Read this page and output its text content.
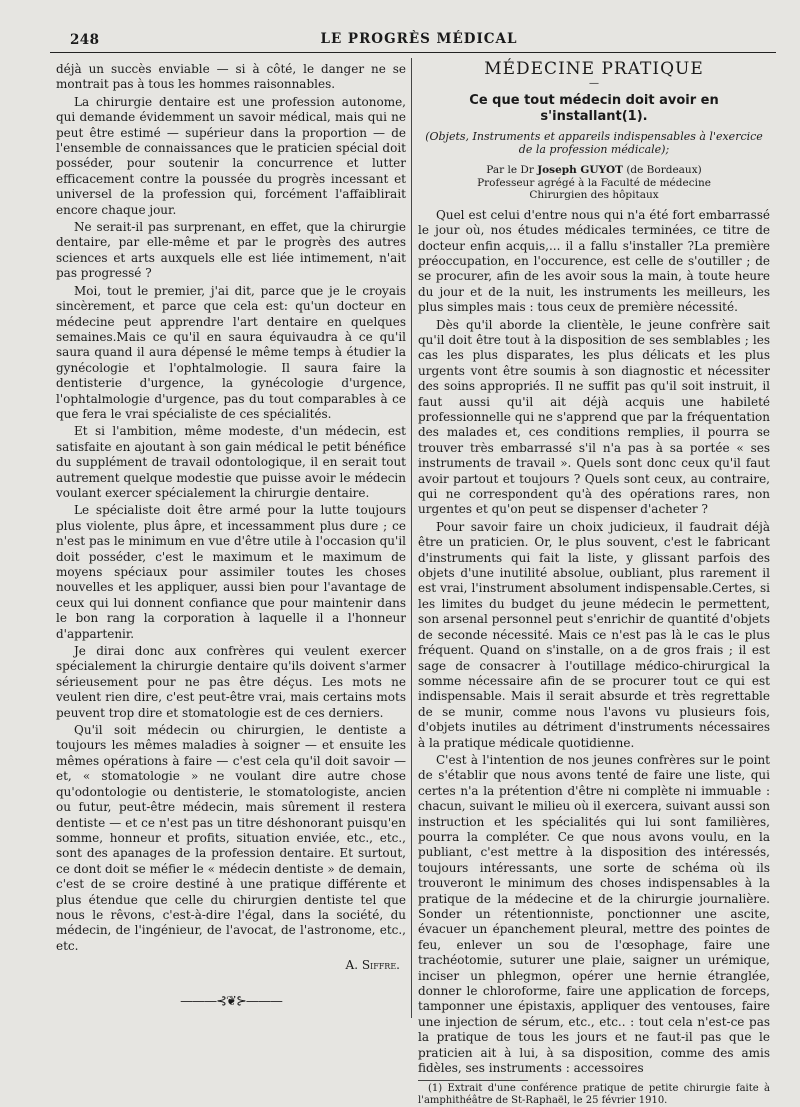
248	LE PROGRÈS MÉDICAL

déjà un succès enviable — si à côté, le danger ne se montrait pas à tous les hommes raisonnables.

La chirurgie dentaire est une profession autonome, qui demande évidemment un savoir médical, mais qui ne peut être estimé — supérieur dans la proportion — de l'ensemble de connaissances que le praticien spécial doit posséder, pour soutenir la concurrence et lutter efficacement contre la poussée du progrès incessant et universel de la profession qui, forcément l'affaiblirait encore chaque jour.

Ne serait-il pas surprenant, en effet, que la chirurgie dentaire, par elle-même et par le progrès des autres sciences et arts auxquels elle est liée intimement, n'ait pas progressé ?

Moi, tout le premier, j'ai dit, parce que je le croyais sincèrement, et parce que cela est: qu'un docteur en médecine peut apprendre l'art dentaire en quelques semaines.Mais ce qu'il en saura équivaudra à ce qu'il saura quand il aura dépensé le même temps à étudier la gynécologie et l'ophtalmologie. Il saura faire la dentisterie d'urgence, la gynécologie d'urgence, l'ophtalmologie d'urgence, pas du tout comparables à ce que fera le vrai spécialiste de ces spécialités.

Et si l'ambition, même modeste, d'un médecin, est satisfaite en ajoutant à son gain médical le petit bénéfice du supplément de travail odontologique, il en serait tout autrement quelque modestie que puisse avoir le médecin voulant exercer spécialement la chirurgie dentaire.

Le spécialiste doit être armé pour la lutte toujours plus violente, plus âpre, et incessamment plus dure ; ce n'est pas le minimum en vue d'être utile à l'occasion qu'il doit posséder, c'est le maximum et le maximum de moyens spéciaux pour assimiler toutes les choses nouvelles et les appliquer, aussi bien pour l'avantage de ceux qui lui donnent confiance que pour maintenir dans le bon rang la corporation à laquelle il a l'honneur d'appartenir.

Je dirai donc aux confrères qui veulent exercer spécialement la chirurgie dentaire qu'ils doivent s'armer sérieusement pour ne pas être déçus. Les mots ne veulent rien dire, c'est peut-être vrai, mais certains mots peuvent trop dire et stomatologie est de ces derniers.

Qu'il soit médecin ou chirurgien, le dentiste a toujours les mêmes maladies à soigner — et ensuite les mêmes opérations à faire — c'est cela qu'il doit savoir — et, « stomatologie » ne voulant dire autre chose qu'odontologie ou dentisterie, le stomatologiste, ancien ou futur, peut-être médecin, mais sûrement il restera dentiste — et ce n'est pas un titre déshonorant puisqu'en somme, honneur et profits, situation enviée, etc., etc., sont des apanages de la profession dentaire. Et surtout, ce dont doit se méfier le « médecin dentiste » de demain, c'est de se croire destiné à une pratique différente et plus étendue que celle du chirurgien dentiste tel que nous le rêvons, c'est-à-dire l'égal, dans la société, du médecin, de l'ingénieur, de l'avocat, de l'astronome, etc., etc.

A. Siffre.
———⊰❦⊱———
MÉDECINE PRATIQUE
—
Ce que tout médecin doit avoir en s'installant(1).
(Objets, Instruments et appareils indispensables à l'exercice de la profession médicale);
Par le Dr Joseph GUYOT (de Bordeaux)
Professeur agrégé à la Faculté de médecine
Chirurgien des hôpitaux

Quel est celui d'entre nous qui n'a été fort embarrassé le jour où, nos études médicales terminées, ce titre de docteur enfin acquis,... il a fallu s'installer ?La première préoccupation, en l'occurence, est celle de s'outiller ; de se procurer, afin de les avoir sous la main, à toute heure du jour et de la nuit, les instruments les meilleurs, les plus simples mais : tous ceux de première nécessité.

Dès qu'il aborde la clientèle, le jeune confrère sait qu'il doit être tout à la disposition de ses semblables ; les cas les plus disparates, les plus délicats et les plus urgents vont être soumis à son diagnostic et nécessiter des soins appropriés. Il ne suffit pas qu'il soit instruit, il faut aussi qu'il ait déjà acquis une habileté professionnelle qui ne s'apprend que par la fréquentation des malades et, ces conditions remplies, il pourra se trouver très embarrassé s'il n'a pas à sa portée « ses instruments de travail ». Quels sont donc ceux qu'il faut avoir partout et toujours ? Quels sont ceux, au contraire, qui ne correspondent qu'à des opérations rares, non urgentes et qu'on peut se dispenser d'acheter ?

Pour savoir faire un choix judicieux, il faudrait déjà être un praticien. Or, le plus souvent, c'est le fabricant d'instruments qui fait la liste, y glissant parfois des objets d'une inutilité absolue, oubliant, plus rarement il est vrai, l'instrument absolument indispensable.Certes, si les limites du budget du jeune médecin le permettent, son arsenal personnel peut s'enrichir de quantité d'objets de seconde nécessité. Mais ce n'est pas là le cas le plus fréquent. Quand on s'installe, on a de gros frais ; il est sage de consacrer à l'outillage médico-chirurgical la somme nécessaire afin de se procurer tout ce qui est indispensable. Mais il serait absurde et très regrettable de se munir, comme nous l'avons vu plusieurs fois, d'objets inutiles au détriment d'instruments nécessaires à la pratique médicale quotidienne.

C'est à l'intention de nos jeunes confrères sur le point de s'établir que nous avons tenté de faire une liste, qui certes n'a la prétention d'être ni complète ni immuable : chacun, suivant le milieu où il exercera, suivant aussi son instruction et les spécialités qui lui sont familières, pourra la compléter. Ce que nous avons voulu, en la publiant, c'est mettre à la disposition des intéressés, toujours intéressants, une sorte de schéma où ils trouveront le minimum des choses indispensables à la pratique de la médecine et de la chirurgie journalière. Sonder un rétentionniste, ponctionner une ascite, évacuer un épanchement pleural, mettre des pointes de feu, enlever un sou de l'œsophage, faire une trachéotomie, suturer une plaie, saigner un urémique, inciser un phlegmon, opérer une hernie étranglée, donner le chloroforme, faire une application de forceps, tamponner une épistaxis, appliquer des ventouses, faire une injection de sérum, etc., etc.. : tout cela n'est-ce pas la pratique de tous les jours et ne faut-il pas que le praticien ait à lui, à sa disposition, comme des amis fidèles, ses instruments : accessoires

(1) Extrait d'une conférence pratique de petite chirurgie faite à l'amphithéâtre de St-Raphaël, le 25 février 1910.
